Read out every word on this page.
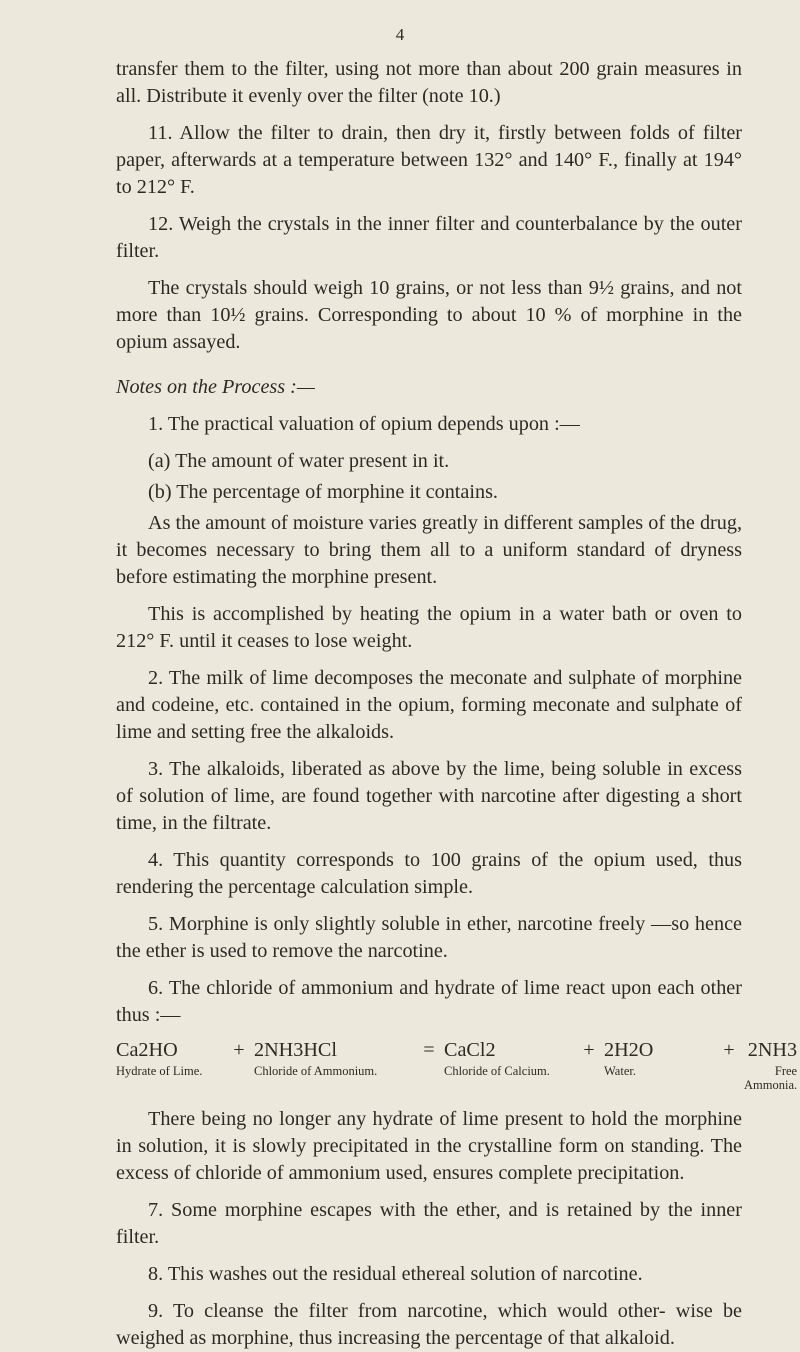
4

transfer them to the filter, using not more than about 200 grain measures in all. Distribute it evenly over the filter (note 10.)

11. Allow the filter to drain, then dry it, firstly between folds of filter paper, afterwards at a temperature between 132° and 140° F., finally at 194° to 212° F.

12. Weigh the crystals in the inner filter and counterbalance by the outer filter.

The crystals should weigh 10 grains, or not less than 9½ grains, and not more than 10½ grains. Corresponding to about 10 % of morphine in the opium assayed.

Notes on the Process :—

1. The practical valuation of opium depends upon :—

(a) The amount of water present in it.

(b) The percentage of morphine it contains.

As the amount of moisture varies greatly in different samples of the drug, it becomes necessary to bring them all to a uniform standard of dryness before estimating the morphine present.

This is accomplished by heating the opium in a water bath or oven to 212° F. until it ceases to lose weight.

2. The milk of lime decomposes the meconate and sulphate of morphine and codeine, etc. contained in the opium, forming meconate and sulphate of lime and setting free the alkaloids.

3. The alkaloids, liberated as above by the lime, being soluble in excess of solution of lime, are found together with narcotine after digesting a short time, in the filtrate.

4. This quantity corresponds to 100 grains of the opium used, thus rendering the percentage calculation simple.

5. Morphine is only slightly soluble in ether, narcotine freely —so hence the ether is used to remove the narcotine.

6. The chloride of ammonium and hydrate of lime react upon each other thus :—

Ca2HO
Hydrate of Lime.
+ 2NH3HCl
Chloride of Ammonium.
= CaCl2
Chloride of Calcium.
+ 2H2O
Water.
+ 2NH3
Free Ammonia.

There being no longer any hydrate of lime present to hold the morphine in solution, it is slowly precipitated in the crystalline form on standing. The excess of chloride of ammonium used, ensures complete precipitation.

7. Some morphine escapes with the ether, and is retained by the inner filter.

8. This washes out the residual ethereal solution of narcotine.

9. To cleanse the filter from narcotine, which would other- wise be weighed as morphine, thus increasing the percentage of that alkaloid.
